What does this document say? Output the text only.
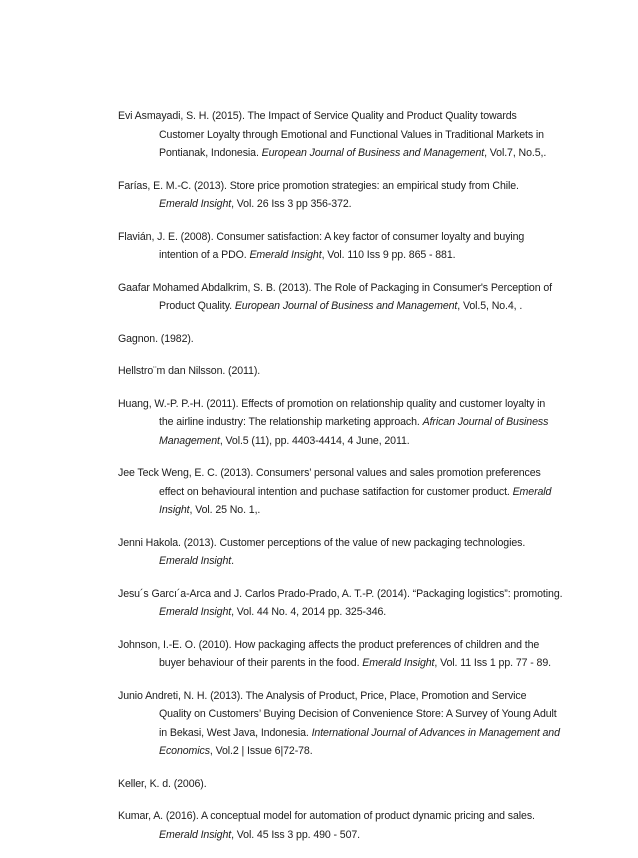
Evi Asmayadi, S. H. (2015). The Impact of Service Quality and Product Quality towards
Customer Loyalty through Emotional and Functional Values in Traditional Markets in
Pontianak, Indonesia. European Journal of Business and Management, Vol.7, No.5,.
Farías, E. M.-C. (2013). Store price promotion strategies: an empirical study from Chile.
Emerald Insight, Vol. 26 Iss 3 pp 356-372.
Flavián, J. E. (2008). Consumer satisfaction: A key factor of consumer loyalty and buying
intention of a PDO. Emerald Insight, Vol. 110 Iss 9 pp. 865 - 881.
Gaafar Mohamed Abdalkrim, S. B. (2013). The Role of Packaging in Consumer's Perception of
Product Quality. European Journal of Business and Management, Vol.5, No.4, .
Gagnon. (1982).
Hellstro¨m dan Nilsson. (2011).
Huang, W.-P. P.-H. (2011). Effects of promotion on relationship quality and customer loyalty in
the airline industry: The relationship marketing approach. African Journal of Business
Management, Vol.5 (11), pp. 4403-4414, 4 June, 2011.
Jee Teck Weng, E. C. (2013). Consumers’ personal values and sales promotion preferences
effect on behavioural intention and puchase satifaction for customer product. Emerald
Insight, Vol. 25 No. 1,.
Jenni Hakola. (2013). Customer perceptions of the value of new packaging technologies.
Emerald Insight.
Jesu´s Garcı´a-Arca and J. Carlos Prado-Prado, A. T.-P. (2014). “Packaging logistics”: promoting.
Emerald Insight, Vol. 44 No. 4, 2014 pp. 325-346.
Johnson, I.-E. O. (2010). How packaging affects the product preferences of children and the
buyer behaviour of their parents in the food. Emerald Insight, Vol. 11 Iss 1 pp. 77 - 89.
Junio Andreti, N. H. (2013). The Analysis of Product, Price, Place, Promotion and Service
Quality on Customers’ Buying Decision of Convenience Store: A Survey of Young Adult
in Bekasi, West Java, Indonesia. International Journal of Advances in Management and
Economics, Vol.2 | Issue 6|72-78.
Keller, K. d. (2006).
Kumar, A. (2016). A conceptual model for automation of product dynamic pricing and sales.
Emerald Insight, Vol. 45 Iss 3 pp. 490 - 507.
